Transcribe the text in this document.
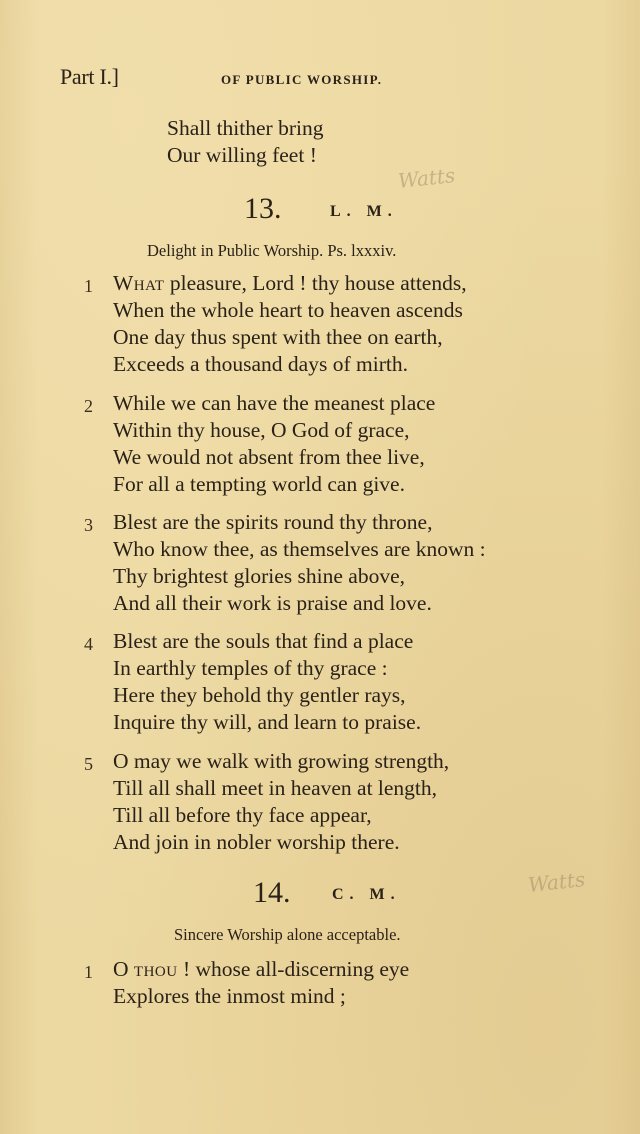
Part I.]	OF PUBLIC WORSHIP.
Shall thither bring
Our willing feet !
Watts
Watts
13.	L. M.
Delight in Public Worship. Ps. lxxxiv.
1 What pleasure, Lord ! thy house attends,
When the whole heart to heaven ascends
One day thus spent with thee on earth,
Exceeds a thousand days of mirth.
2 While we can have the meanest place
Within thy house, O God of grace,
We would not absent from thee live,
For all a tempting world can give.
3 Blest are the spirits round thy throne,
Who know thee, as themselves are known :
Thy brightest glories shine above,
And all their work is praise and love.
4 Blest are the souls that find a place
In earthly temples of thy grace :
Here they behold thy gentler rays,
Inquire thy will, and learn to praise.
5 O may we walk with growing strength,
Till all shall meet in heaven at length,
Till all before thy face appear,
And join in nobler worship there.
14.	C. M.
Sincere Worship alone acceptable.
1 O thou ! whose all-discerning eye
Explores the inmost mind ;
